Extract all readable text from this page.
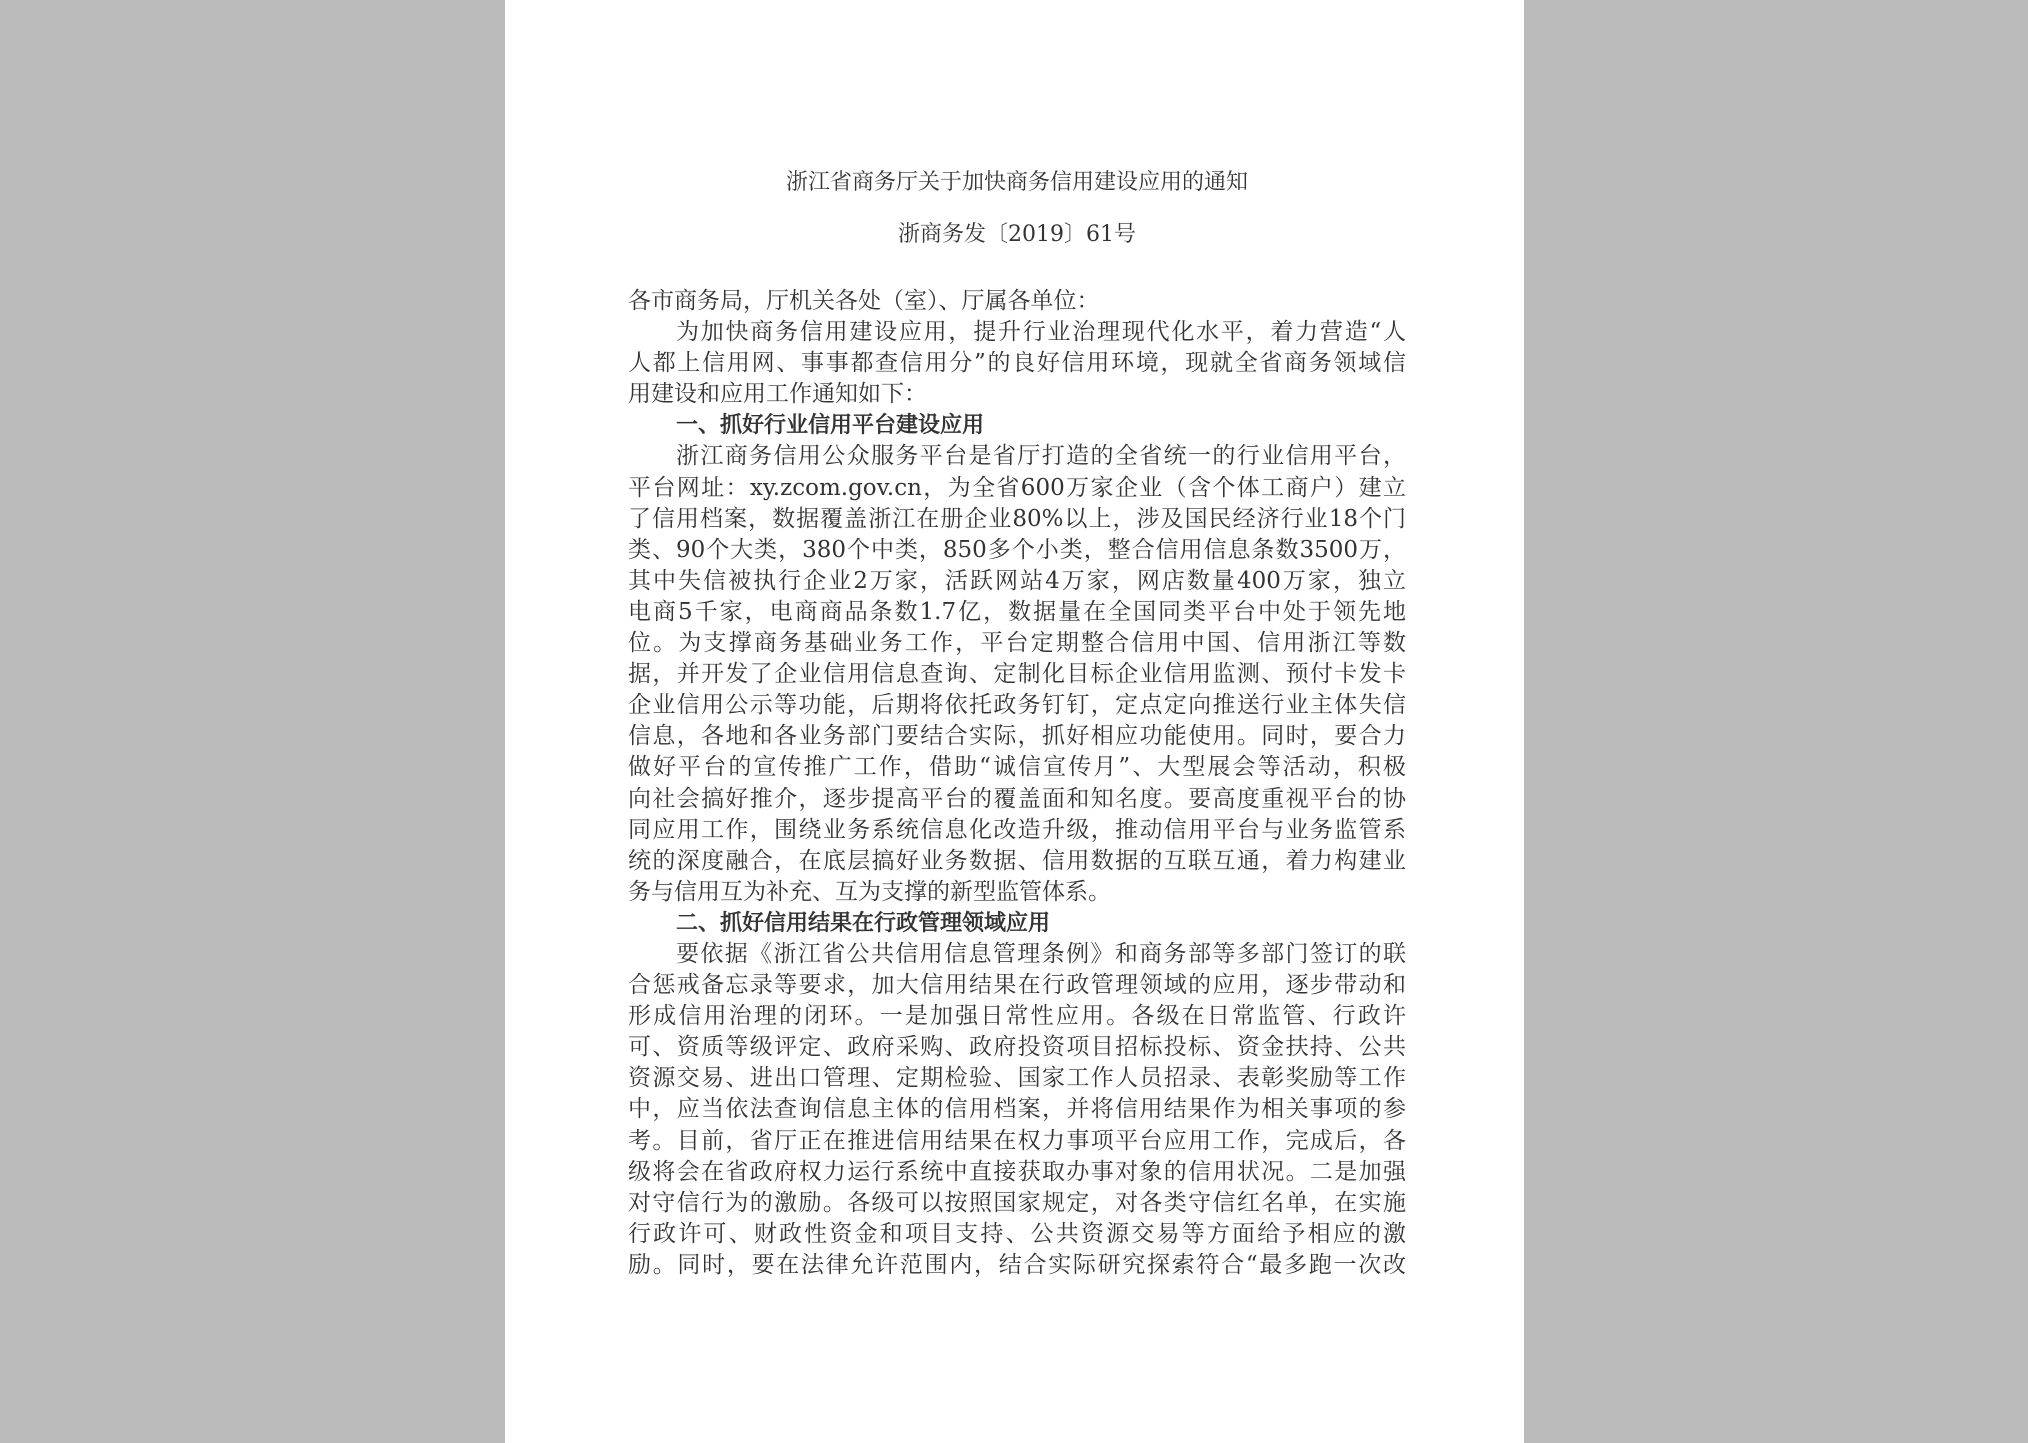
浙江省商务厅关于加快商务信用建设应用的通知
浙商务发〔2019〕61号
各市商务局，厅机关各处（室）、厅属各单位：
为加快商务信用建设应用，提升行业治理现代化水平，着力营造“人
人都上信用网、事事都查信用分”的良好信用环境，现就全省商务领域信
用建设和应用工作通知如下：
一、抓好行业信用平台建设应用
浙江商务信用公众服务平台是省厅打造的全省统一的行业信用平台，
平台网址：xy.zcom.gov.cn，为全省600万家企业（含个体工商户）建立
了信用档案，数据覆盖浙江在册企业80%以上，涉及国民经济行业18个门
类、90个大类，380个中类，850多个小类，整合信用信息条数3500万，
其中失信被执行企业2万家，活跃网站4万家，网店数量400万家，独立
电商5千家，电商商品条数1.7亿，数据量在全国同类平台中处于领先地
位。为支撑商务基础业务工作，平台定期整合信用中国、信用浙江等数
据，并开发了企业信用信息查询、定制化目标企业信用监测、预付卡发卡
企业信用公示等功能，后期将依托政务钉钉，定点定向推送行业主体失信
信息，各地和各业务部门要结合实际，抓好相应功能使用。同时，要合力
做好平台的宣传推广工作，借助“诚信宣传月”、大型展会等活动，积极
向社会搞好推介，逐步提高平台的覆盖面和知名度。要高度重视平台的协
同应用工作，围绕业务系统信息化改造升级，推动信用平台与业务监管系
统的深度融合，在底层搞好业务数据、信用数据的互联互通，着力构建业
务与信用互为补充、互为支撑的新型监管体系。
二、抓好信用结果在行政管理领域应用
要依据《浙江省公共信用信息管理条例》和商务部等多部门签订的联
合惩戒备忘录等要求，加大信用结果在行政管理领域的应用，逐步带动和
形成信用治理的闭环。一是加强日常性应用。各级在日常监管、行政许
可、资质等级评定、政府采购、政府投资项目招标投标、资金扶持、公共
资源交易、进出口管理、定期检验、国家工作人员招录、表彰奖励等工作
中，应当依法查询信息主体的信用档案，并将信用结果作为相关事项的参
考。目前，省厅正在推进信用结果在权力事项平台应用工作，完成后，各
级将会在省政府权力运行系统中直接获取办事对象的信用状况。二是加强
对守信行为的激励。各级可以按照国家规定，对各类守信红名单，在实施
行政许可、财政性资金和项目支持、公共资源交易等方面给予相应的激
励。同时，要在法律允许范围内，结合实际研究探索符合“最多跑一次改
